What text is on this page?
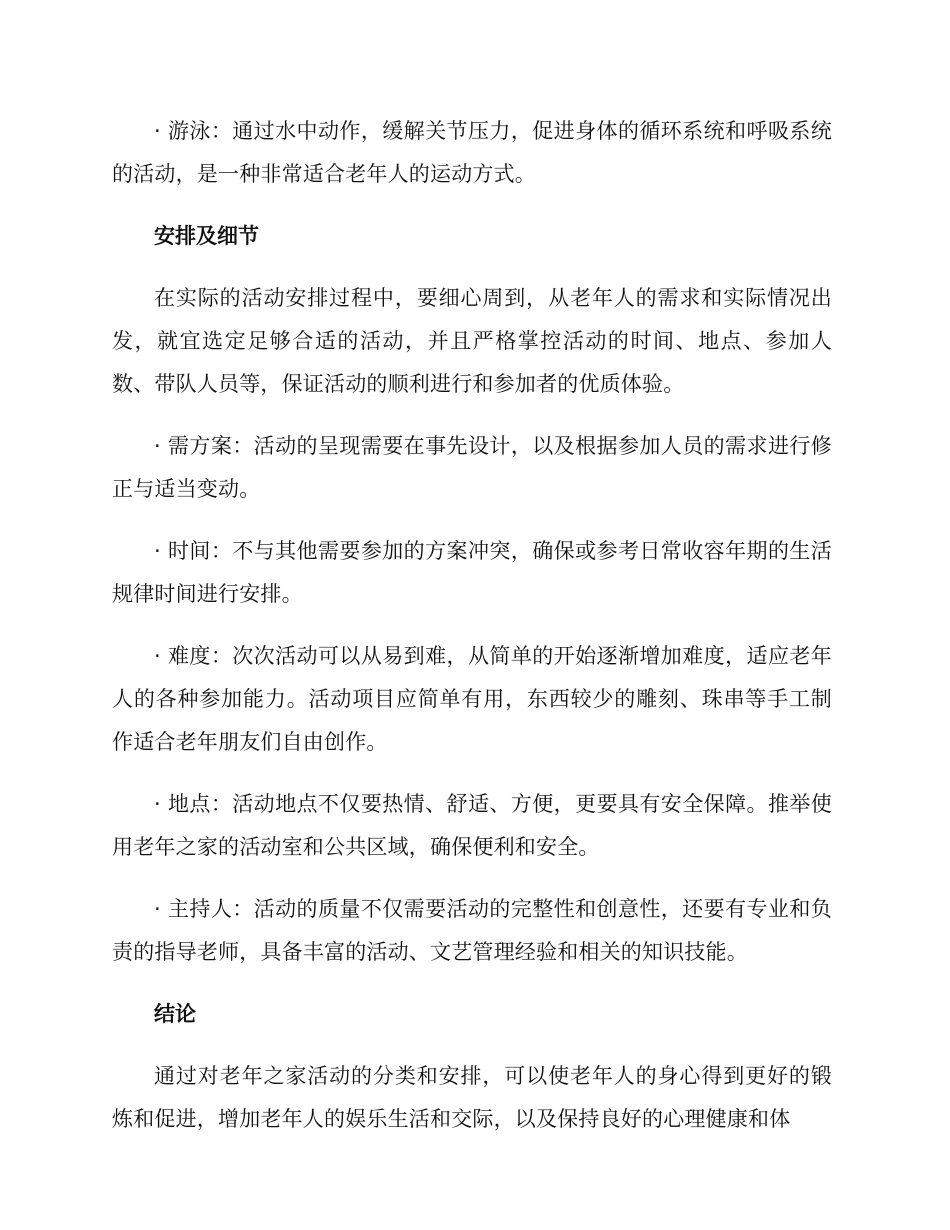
· 游泳：通过水中动作，缓解关节压力，促进身体的循环系统和呼吸系统的活动，是一种非常适合老年人的运动方式。

安排及细节

在实际的活动安排过程中，要细心周到，从老年人的需求和实际情况出发，就宜选定足够合适的活动，并且严格掌控活动的时间、地点、参加人数、带队人员等，保证活动的顺利进行和参加者的优质体验。

· 需方案：活动的呈现需要在事先设计，以及根据参加人员的需求进行修正与适当变动。

· 时间：不与其他需要参加的方案冲突，确保或参考日常收容年期的生活规律时间进行安排。

· 难度：次次活动可以从易到难，从简单的开始逐渐增加难度，适应老年人的各种参加能力。活动项目应简单有用，东西较少的雕刻、珠串等手工制作适合老年朋友们自由创作。

· 地点：活动地点不仅要热情、舒适、方便，更要具有安全保障。推举使用老年之家的活动室和公共区域，确保便利和安全。

· 主持人：活动的质量不仅需要活动的完整性和创意性，还要有专业和负责的指导老师，具备丰富的活动、文艺管理经验和相关的知识技能。

结论

通过对老年之家活动的分类和安排，可以使老年人的身心得到更好的锻炼和促进，增加老年人的娱乐生活和交际，以及保持良好的心理健康和体
